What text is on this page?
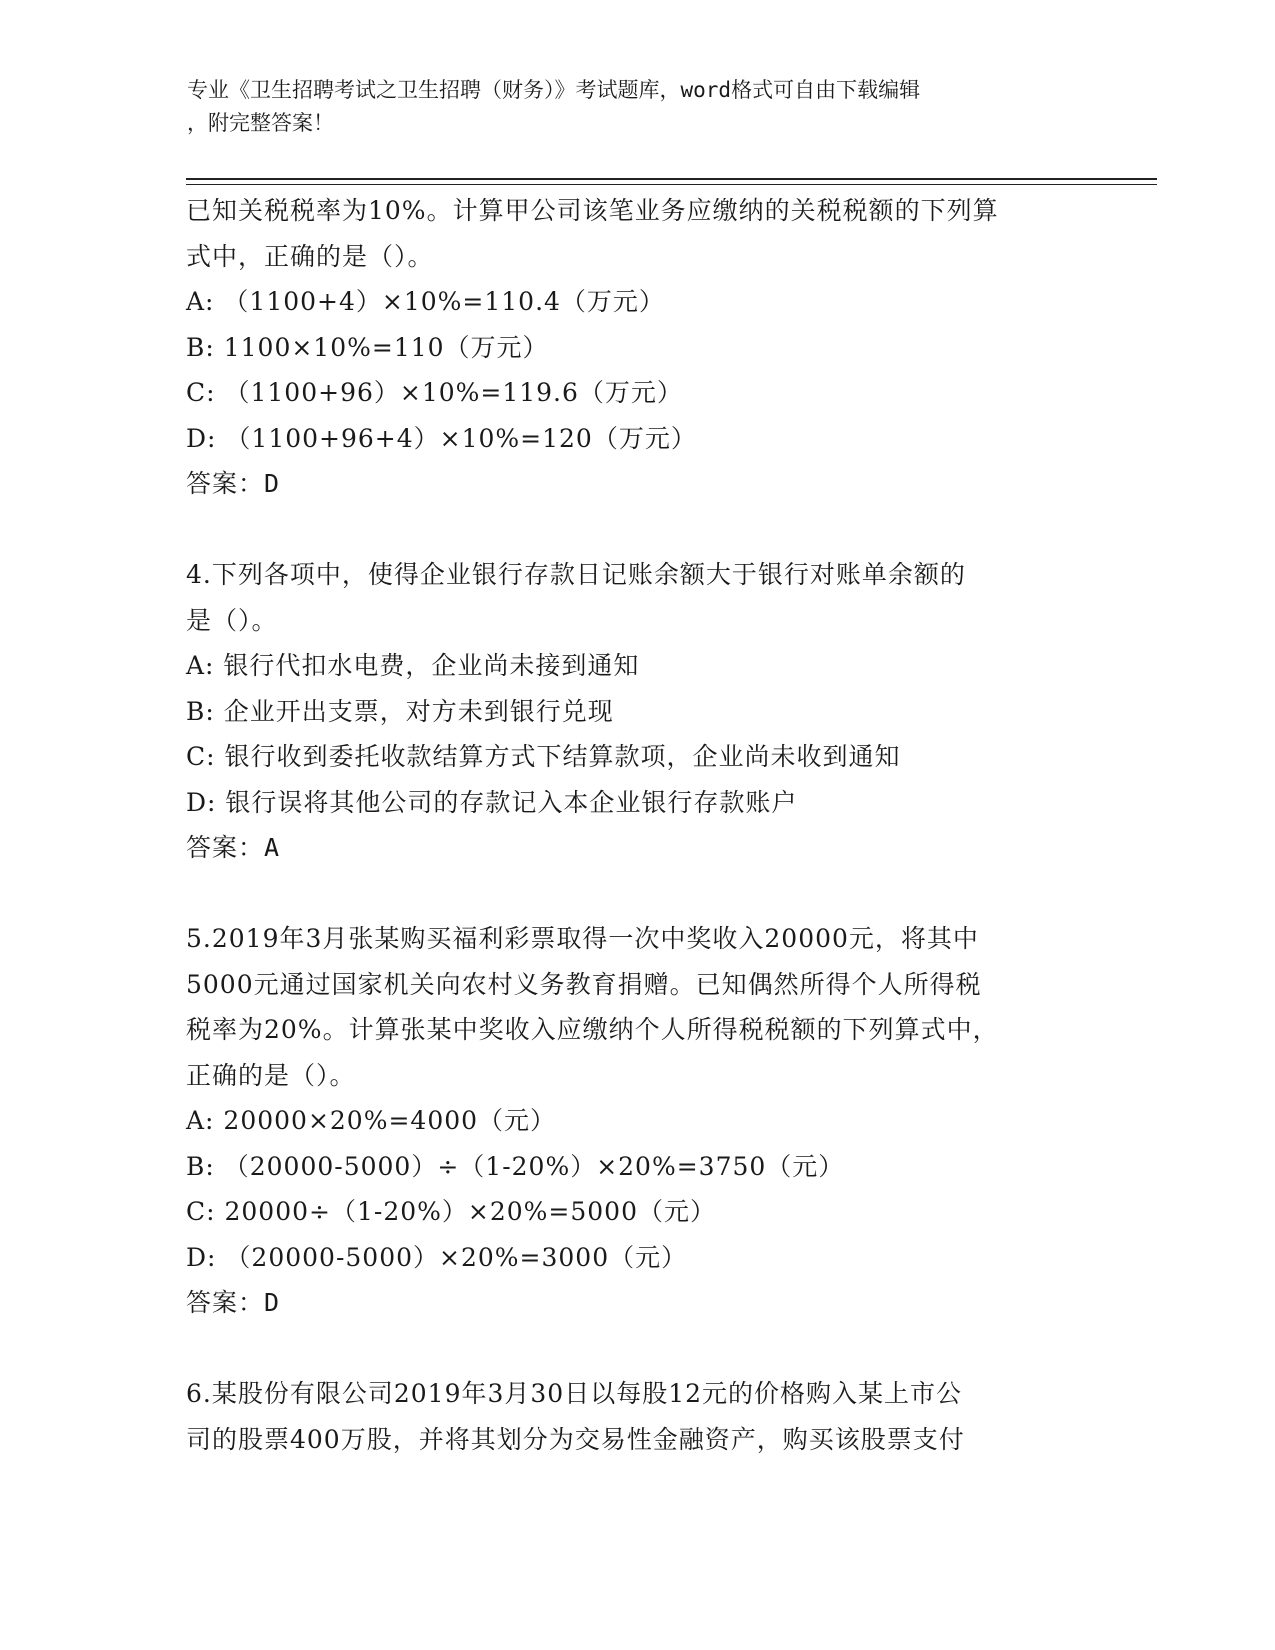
专业《卫生招聘考试之卫生招聘（财务）》考试题库，word格式可自由下载编辑
，附完整答案！
已知关税税率为10%。计算甲公司该笔业务应缴纳的关税税额的下列算
式中，正确的是（）。
A: （1100+4）×10%=110.4（万元）
B: 1100×10%=110（万元）
C: （1100+96）×10%=119.6（万元）
D: （1100+96+4）×10%=120（万元）
答案：D
4.下列各项中，使得企业银行存款日记账余额大于银行对账单余额的
是（）。
A: 银行代扣水电费，企业尚未接到通知
B: 企业开出支票，对方未到银行兑现
C: 银行收到委托收款结算方式下结算款项，企业尚未收到通知
D: 银行误将其他公司的存款记入本企业银行存款账户
答案：A
5.2019年3月张某购买福利彩票取得一次中奖收入20000元，将其中
5000元通过国家机关向农村义务教育捐赠。已知偶然所得个人所得税
税率为20%。计算张某中奖收入应缴纳个人所得税税额的下列算式中，
正确的是（）。
A: 20000×20%=4000（元）
B: （20000-5000）÷（1-20%）×20%=3750（元）
C: 20000÷（1-20%）×20%=5000（元）
D: （20000-5000）×20%=3000（元）
答案：D
6.某股份有限公司2019年3月30日以每股12元的价格购入某上市公
司的股票400万股，并将其划分为交易性金融资产，购买该股票支付
